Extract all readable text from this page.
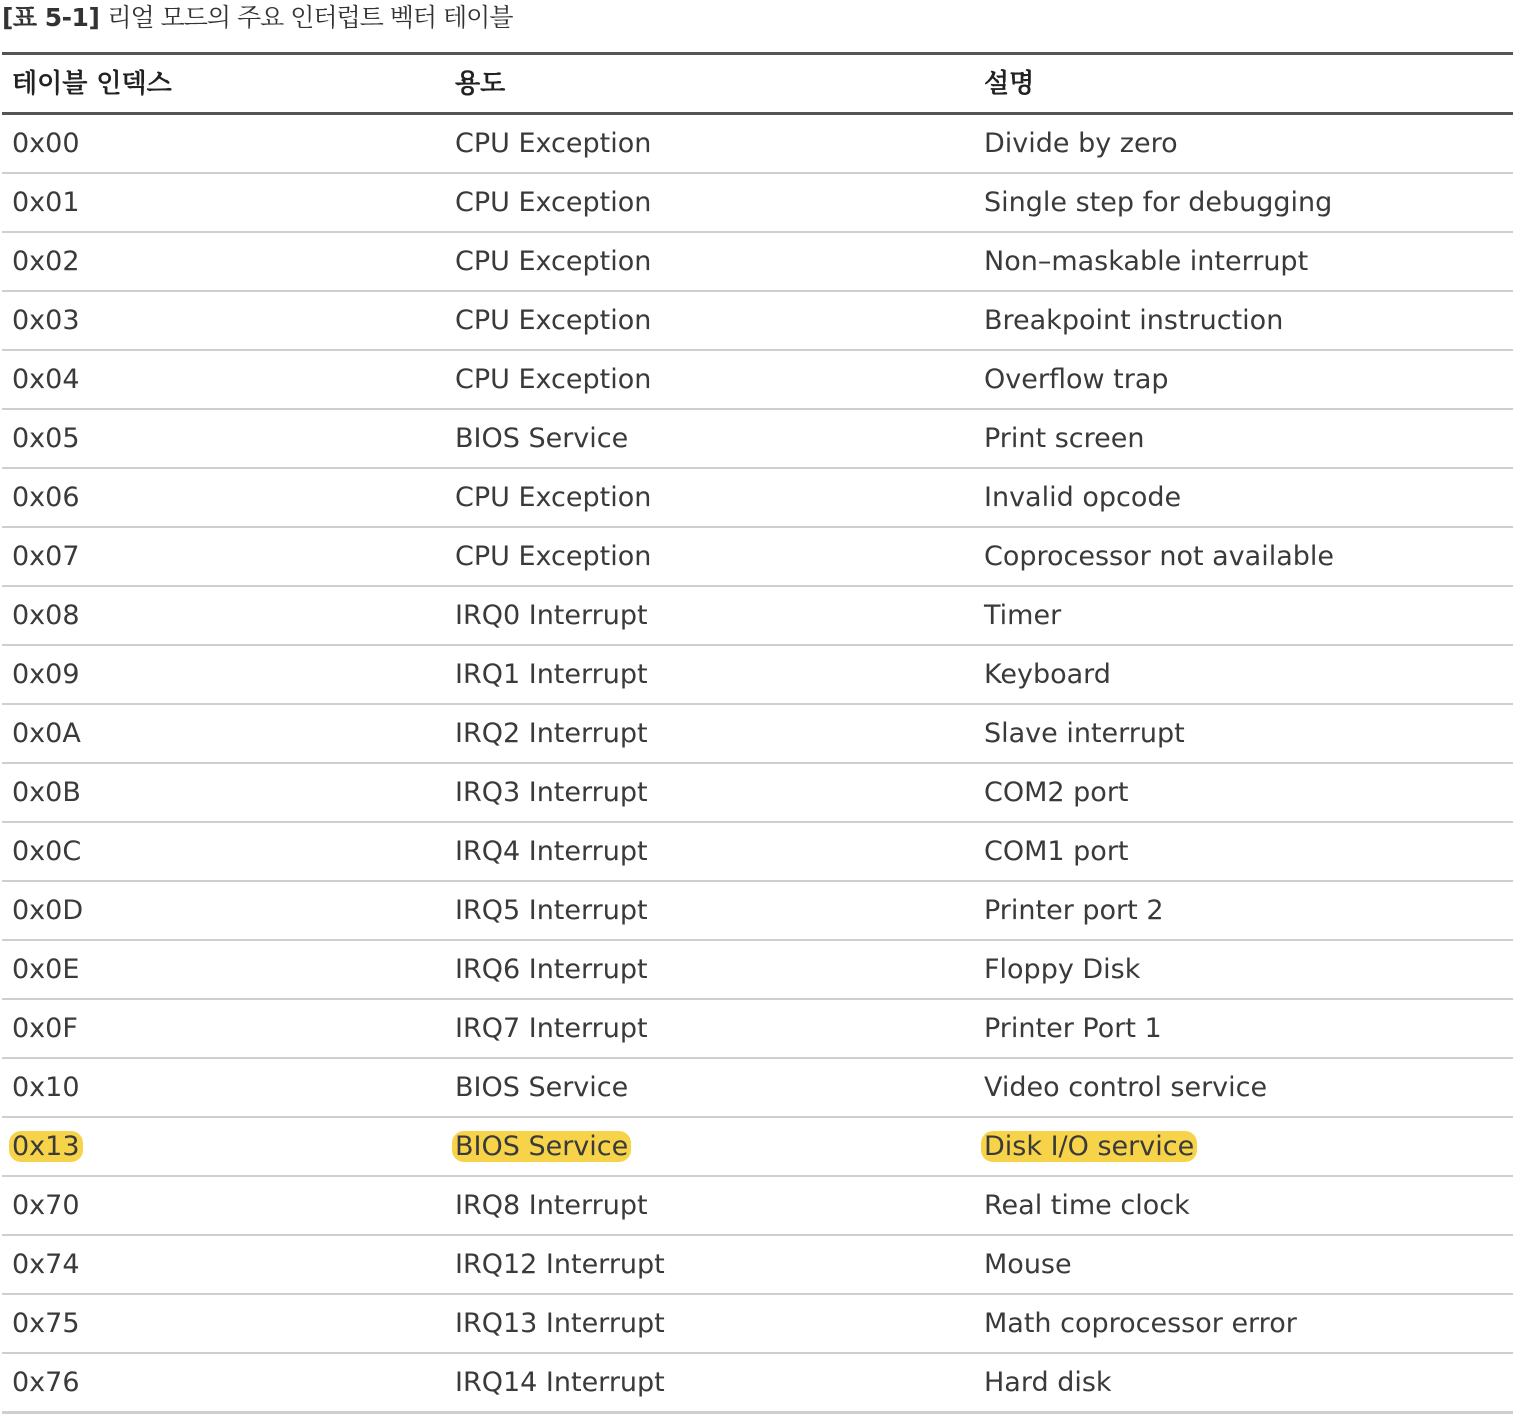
[표 5-1] 리얼 모드의 주요 인터럽트 벡터 테이블
테이블 인덱스	용도	설명
0x00	CPU Exception	Divide by zero
0x01	CPU Exception	Single step for debugging
0x02	CPU Exception	Non–maskable interrupt
0x03	CPU Exception	Breakpoint instruction
0x04	CPU Exception	Overflow trap
0x05	BIOS Service	Print screen
0x06	CPU Exception	Invalid opcode
0x07	CPU Exception	Coprocessor not available
0x08	IRQ0 Interrupt	Timer
0x09	IRQ1 Interrupt	Keyboard
0x0A	IRQ2 Interrupt	Slave interrupt
0x0B	IRQ3 Interrupt	COM2 port
0x0C	IRQ4 Interrupt	COM1 port
0x0D	IRQ5 Interrupt	Printer port 2
0x0E	IRQ6 Interrupt	Floppy Disk
0x0F	IRQ7 Interrupt	Printer Port 1
0x10	BIOS Service	Video control service
0x13	BIOS Service	Disk I/O service
0x70	IRQ8 Interrupt	Real time clock
0x74	IRQ12 Interrupt	Mouse
0x75	IRQ13 Interrupt	Math coprocessor error
0x76	IRQ14 Interrupt	Hard disk
